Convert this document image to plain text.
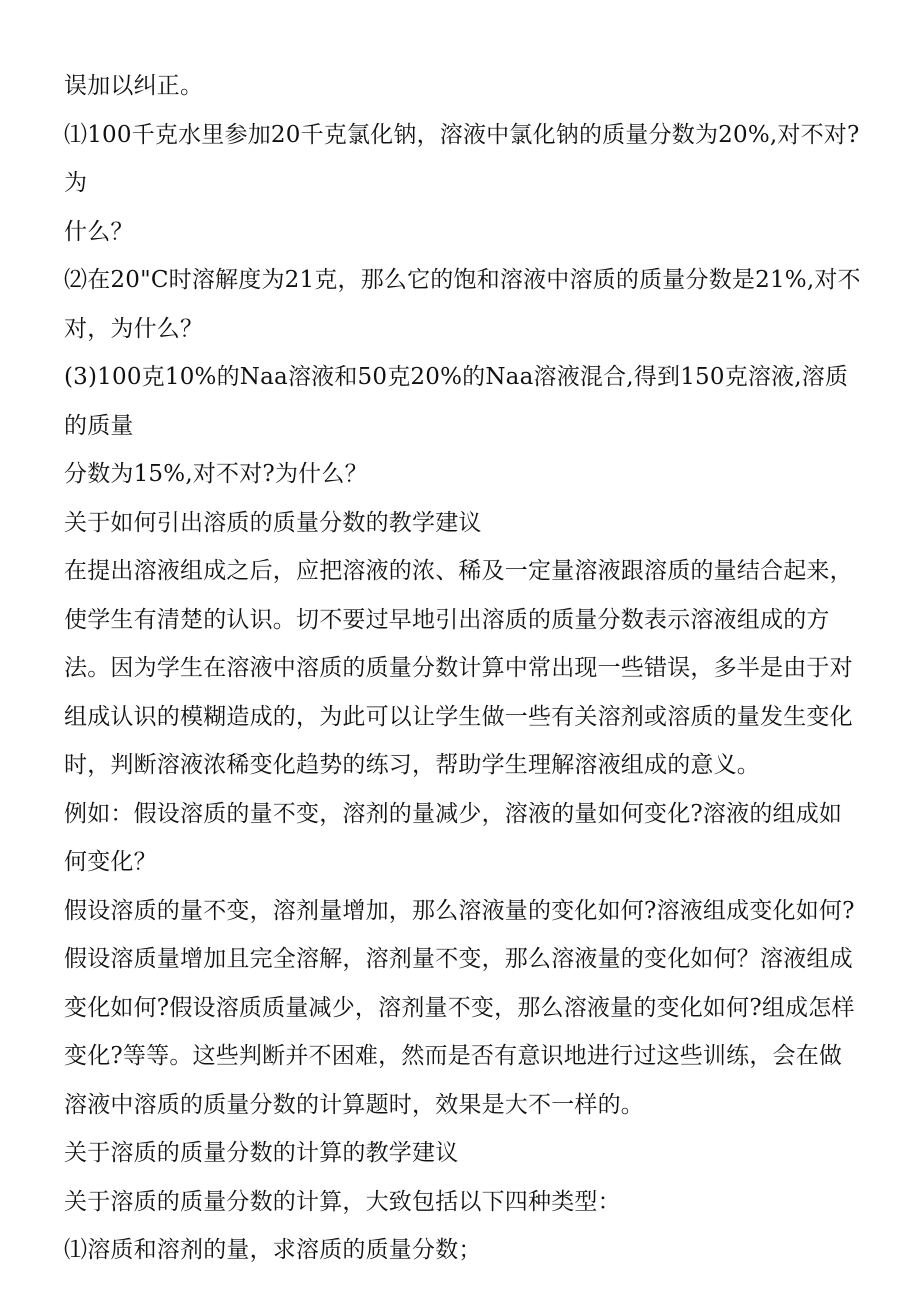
误加以纠正。

⑴100千克水里参加20千克氯化钠，溶液中氯化钠的质量分数为20%,对不对?为

什么？

⑵在20"C时溶解度为21克，那么它的饱和溶液中溶质的质量分数是21%,对不

对，为什么？

(3)100克10%的Naa溶液和50克20%的Naa溶液混合,得到150克溶液,溶质的质量

分数为15%,对不对?为什么？

关于如何引出溶质的质量分数的教学建议

在提出溶液组成之后，应把溶液的浓、稀及一定量溶液跟溶质的量结合起来，

使学生有清楚的认识。切不要过早地引出溶质的质量分数表示溶液组成的方

法。因为学生在溶液中溶质的质量分数计算中常出现一些错误，多半是由于对

组成认识的模糊造成的，为此可以让学生做一些有关溶剂或溶质的量发生变化

时，判断溶液浓稀变化趋势的练习，帮助学生理解溶液组成的意义。

例如：假设溶质的量不变，溶剂的量减少，溶液的量如何变化?溶液的组成如

何变化？

假设溶质的量不变，溶剂量增加，那么溶液量的变化如何?溶液组成变化如何?

假设溶质量增加且完全溶解，溶剂量不变，那么溶液量的变化如何？溶液组成

变化如何?假设溶质质量减少，溶剂量不变，那么溶液量的变化如何?组成怎样

变化?等等。这些判断并不困难，然而是否有意识地进行过这些训练，会在做

溶液中溶质的质量分数的计算题时，效果是大不一样的。

关于溶质的质量分数的计算的教学建议

关于溶质的质量分数的计算，大致包括以下四种类型：

⑴溶质和溶剂的量，求溶质的质量分数；
